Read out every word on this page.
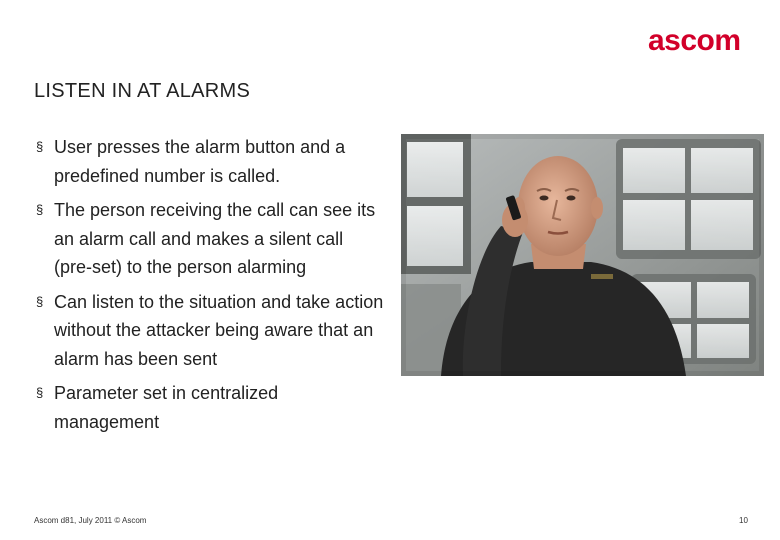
ascom
LISTEN IN AT ALARMS
§ User presses the alarm button and a predefined number is called.
§ The person receiving the call can see its an alarm call and makes a silent call (pre-set) to the person alarming
§ Can listen to the situation and take action without the attacker being aware that an alarm has been sent
§ Parameter set in centralized management
Ascom d81, July 2011 © Ascom	10
